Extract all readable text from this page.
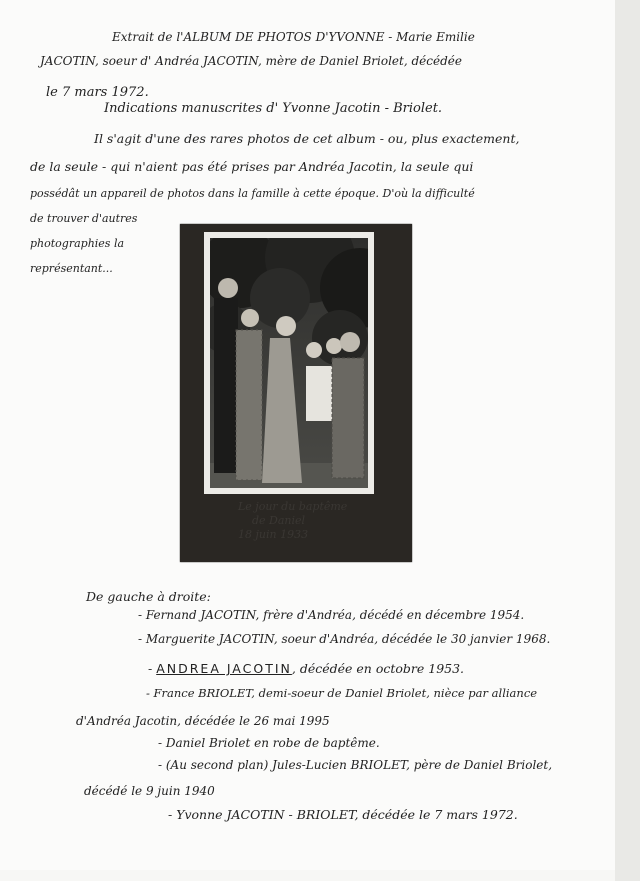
Extrait de l'ALBUM DE PHOTOS D'YVONNE - Marie Emilie
JACOTIN, soeur d' Andréa JACOTIN, mère de Daniel Briolet, décédée
le 7 mars 1972.
Indications manuscrites d' Yvonne Jacotin - Briolet.
Il s'agit d'une des rares photos de cet album - ou, plus exactement,
de la seule - qui n'aient pas été prises par Andréa Jacotin, la seule qui
possédât un appareil de photos dans la famille à cette époque. D'où la difficulté
de trouver d'autres
photographies la
représentant...
Le jour du baptême
de Daniel
18 juin 1933
De gauche à droite:
- Fernand JACOTIN, frère d'Andréa, décédé en décembre 1954.
- Marguerite JACOTIN, soeur d'Andréa, décédée le 30 janvier 1968.
- ANDREA JACOTIN, décédée en octobre 1953.
- France BRIOLET, demi-soeur de Daniel Briolet, nièce par alliance
d'Andréa Jacotin, décédée le 26 mai 1995
- Daniel Briolet en robe de baptême.
- (Au second plan) Jules-Lucien BRIOLET, père de Daniel Briolet,
décédé le 9 juin 1940
- Yvonne JACOTIN - BRIOLET, décédée le 7 mars 1972.
